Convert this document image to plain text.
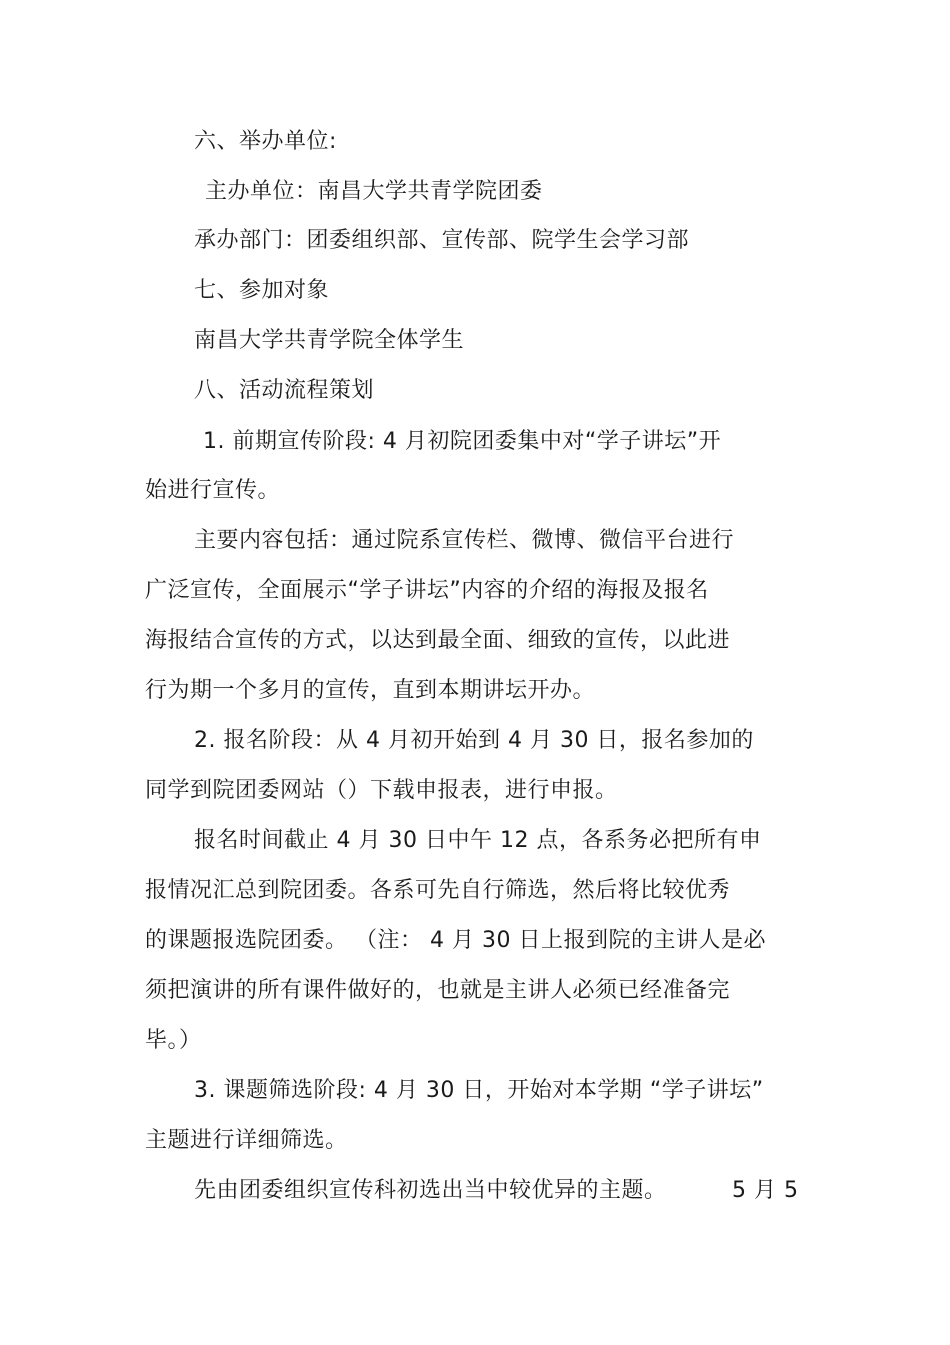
六、举办单位:
主办单位：南昌大学共青学院团委
承办部门：团委组织部、宣传部、院学生会学习部
七、参加对象
南昌大学共青学院全体学生
八、活动流程策划
1. 前期宣传阶段: 4 月初院团委集中对“学子讲坛”开
始进行宣传。
主要内容包括：通过院系宣传栏、微博、微信平台进行
广泛宣传，全面展示“学子讲坛”内容的介绍的海报及报名
海报结合宣传的方式，以达到最全面、细致的宣传，以此进
行为期一个多月的宣传，直到本期讲坛开办。
2. 报名阶段：从 4 月初开始到 4 月 30 日，报名参加的
同学到院团委网站（）下载申报表，进行申报。
报名时间截止 4 月 30 日中午 12 点，各系务必把所有申
报情况汇总到院团委。各系可先自行筛选，然后将比较优秀
的课题报选院团委。 （注： 4 月 30 日上报到院的主讲人是必
须把演讲的所有课件做好的，也就是主讲人必须已经准备完
毕。）
3. 课题筛选阶段: 4 月 30 日，开始对本学期 “学子讲坛”
主题进行详细筛选。
先由团委组织宣传科初选出当中较优异的主题。	5 月 5
